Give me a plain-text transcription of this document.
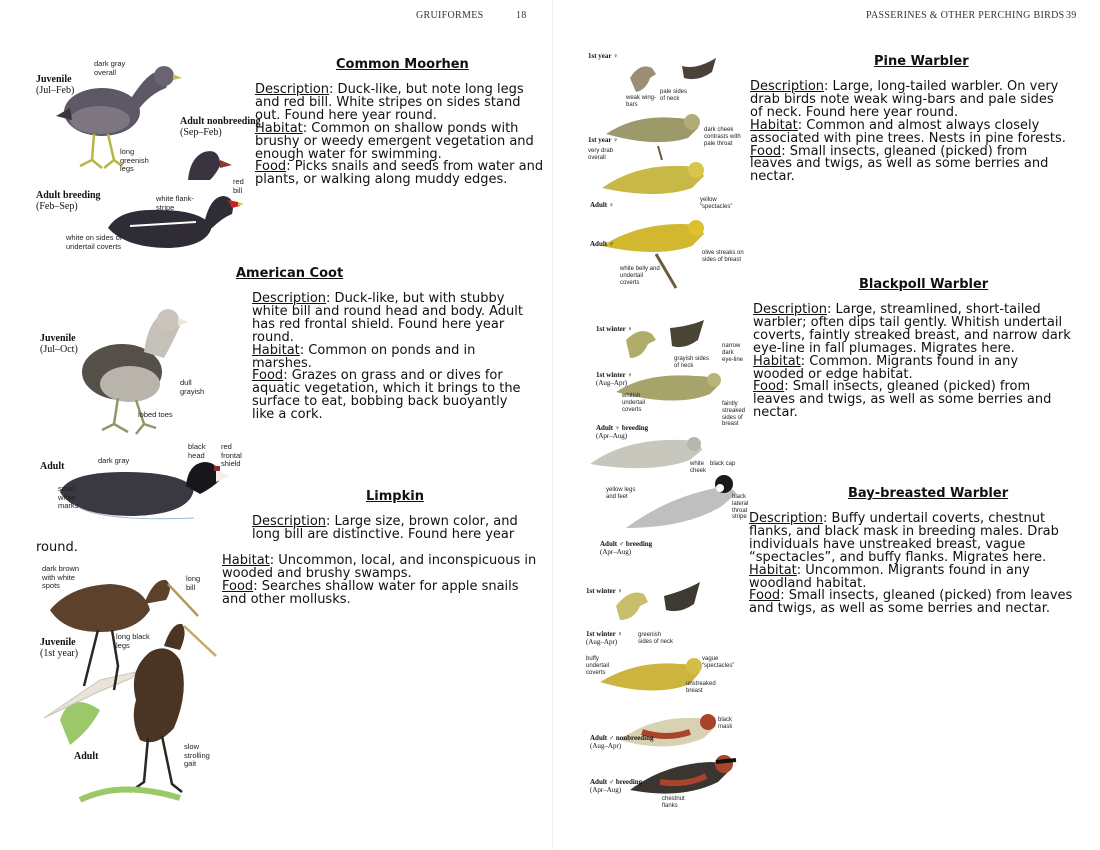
GRUIFORMES	18
Common Moorhen

Description: Duck-like, but note long legs and red bill. White stripes on sides stand out. Found here year round.

Habitat: Common on shallow ponds with brushy or weedy emergent vegetation and enough water for swimming.

Food: Picks snails and seeds from water and plants, or walking along muddy edges.

Juvenile
(Jul–Feb)
dark gray overall
long greenish legs
Adult nonbreeding
(Sep–Feb)
Adult breeding
(Feb–Sep)
white flank-stripe
red bill
white on sides of undertail coverts
American Coot

Description: Duck-like, but with stubby white bill and round head and body. Adult has red frontal shield. Found here year round.

Habitat: Common on ponds and in marshes.

Food: Grazes on grass and or dives for aquatic vegetation, which it brings to the surface to eat, bobbing back buoyantly like a cork.

Juvenile
(Jul–Oct)
dull grayish
lobed toes
Adult
dark gray
black head
red frontal shield
small white marks
Limpkin

Description: Large size, brown color, and long bill are distinctive. Found here year

round.

Habitat: Uncommon, local, and inconspicuous in wooded and brushy swamps.

Food: Searches shallow water for apple snails and other mollusks.

dark brown with white spots
long bill
Juvenile
(1st year)
long black legs
Adult
slow strolling gait
PASSERINES & OTHER PERCHING BIRDS 39
Pine Warbler

Description: Large, long-tailed warbler. On very drab birds note weak wing-bars and pale sides of neck. Found here year round.

Habitat: Common and almost always closely associated with pine trees. Nests in pine forests.

Food: Small insects, gleaned (picked) from leaves and twigs, as well as some berries and nectar.

1st year ♀
weak wing-bars
pale sides of neck
1st year ♀
very drab overall
dark cheek contrasts with pale throat
Adult ♀
yellow “spectacles”
Adult ♂
olive streaks on sides of breast
white belly and undertail coverts	Blackpoll Warbler

Description: Large, streamlined, short-tailed warbler; often dips tail gently. Whitish undertail coverts, faintly streaked breast, and narrow dark eye-line in fall plumages. Migrates here.

Habitat: Common. Migrants found in any wooded or edge habitat.

Food: Small insects, gleaned (picked) from leaves and twigs, as well as some berries and nectar.

1st winter ♀
grayish sides of neck
narrow dark eye-line
1st winter ♀
(Aug–Apr)
whitish undertail coverts
faintly streaked sides of breast
Adult ♀ breeding
(Apr–Aug)
white cheek
black cap
yellow legs and feet	black lateral throat stripe
Adult ♂ breeding
(Apr–Aug)
Bay-breasted Warbler

Description: Buffy undertail coverts, chestnut flanks, and black mask in breeding males. Drab individuals have unstreaked breast, vague “spectacles”, and buffy flanks. Migrates here.

Habitat: Uncommon. Migrants found in any woodland habitat.

Food: Small insects, gleaned (picked) from leaves and twigs, as well as some berries and nectar.

1st winter ♀
1st winter ♀
(Aug–Apr)
greenish sides of neck
buffy undertail coverts
vague “spectacles”
unstreaked breast
black mask
Adult ♂ nonbreeding
(Aug–Apr)
Adult ♂ breeding
(Apr–Aug)
chestnut flanks
